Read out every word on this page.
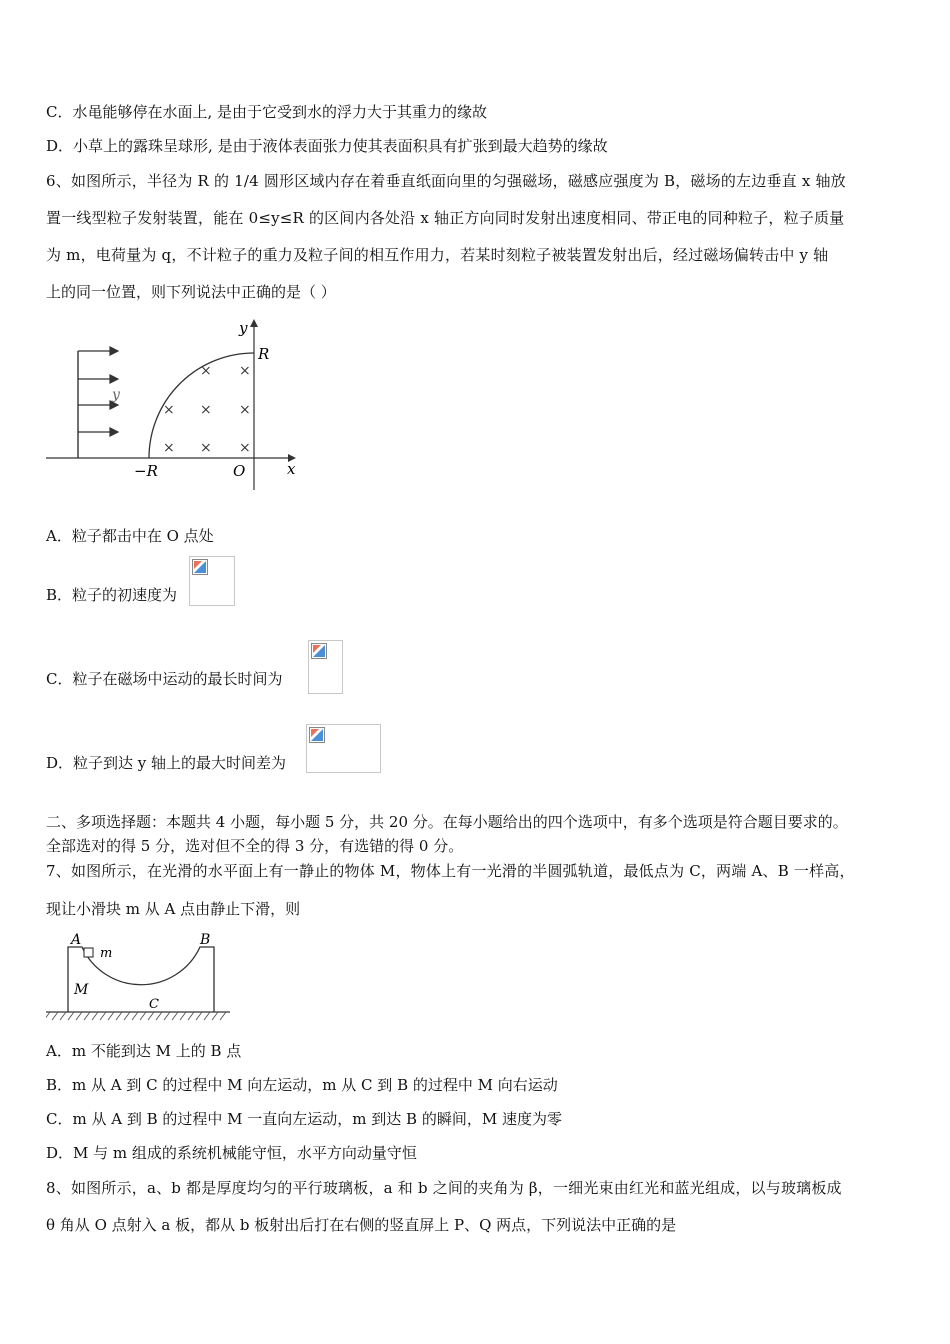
C．水黾能够停在水面上, 是由于它受到水的浮力大于其重力的缘故
D．小草上的露珠呈球形, 是由于液体表面张力使其表面积具有扩张到最大趋势的缘故
6、如图所示，半径为 R 的 1/4 圆形区域内存在着垂直纸面向里的匀强磁场，磁感应强度为 B，磁场的左边垂直 x 轴放
置一线型粒子发射装置，能在 0≤y≤R 的区间内各处沿 x 轴正方向同时发射出速度相同、带正电的同种粒子，粒子质量
为 m，电荷量为 q，不计粒子的重力及粒子间的相互作用力，若某时刻粒子被装置发射出后，经过磁场偏转击中 y 轴
上的同一位置，则下列说法中正确的是（ ）
y
R
y
−R	O	x
× ×
× × ×
× × ×
A．粒子都击中在 O 点处
B．粒子的初速度为
C．粒子在磁场中运动的最长时间为
D．粒子到达 y 轴上的最大时间差为
二、多项选择题：本题共 4 小题，每小题 5 分，共 20 分。在每小题给出的四个选项中，有多个选项是符合题目要求的。
全部选对的得 5 分，选对但不全的得 3 分，有选错的得 0 分。
7、如图所示，在光滑的水平面上有一静止的物体 M，物体上有一光滑的半圆弧轨道，最低点为 C，两端 A、B 一样高，
现让小滑块 m 从 A 点由静止下滑，则
A
m
B
M
C
A．m 不能到达 M 上的 B 点
B．m 从 A 到 C 的过程中 M 向左运动，m 从 C 到 B 的过程中 M 向右运动
C．m 从 A 到 B 的过程中 M 一直向左运动，m 到达 B 的瞬间，M 速度为零
D．M 与 m 组成的系统机械能守恒，水平方向动量守恒
8、如图所示，a、b 都是厚度均匀的平行玻璃板，a 和 b 之间的夹角为 β，一细光束由红光和蓝光组成，以与玻璃板成
θ 角从 O 点射入 a 板，都从 b 板射出后打在右侧的竖直屏上 P、Q 两点，下列说法中正确的是
